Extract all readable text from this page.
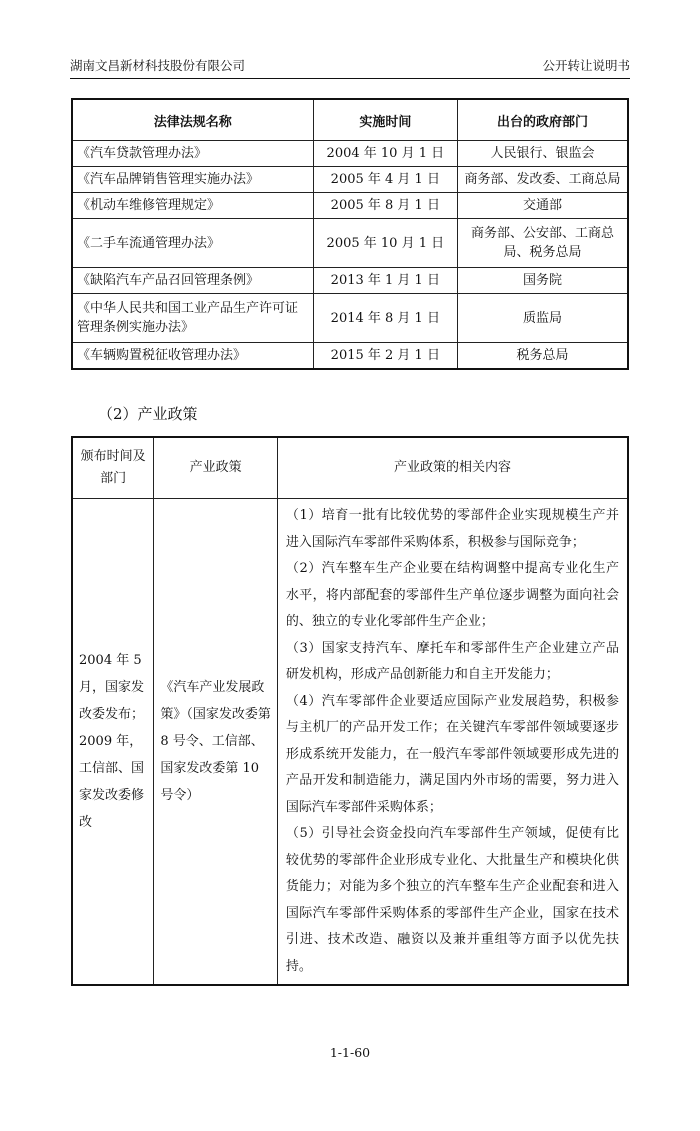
湖南文昌新材科技股份有限公司	公开转让说明书
法律法规名称	实施时间	出台的政府部门
《汽车贷款管理办法》	2004 年 10 月 1 日	人民银行、银监会
《汽车品牌销售管理实施办法》	2005 年 4 月 1 日	商务部、发改委、工商总局
《机动车维修管理规定》	2005 年 8 月 1 日	交通部
《二手车流通管理办法》	2005 年 10 月 1 日	商务部、公安部、工商总局、税务总局
《缺陷汽车产品召回管理条例》	2013 年 1 月 1 日	国务院
《中华人民共和国工业产品生产许可证管理条例实施办法》	2014 年 8 月 1 日	质监局
《车辆购置税征收管理办法》	2015 年 2 月 1 日	税务总局
（2）产业政策
颁布时间及部门	产业政策	产业政策的相关内容
2004 年 5 月，国家发改委发布；2009 年，工信部、国家发改委修改	《汽车产业发展政策》（国家发改委第 8 号令、工信部、国家发改委第 10 号令）	（1）培育一批有比较优势的零部件企业实现规模生产并进入国际汽车零部件采购体系，积极参与国际竞争；

（2）汽车整车生产企业要在结构调整中提高专业化生产水平，将内部配套的零部件生产单位逐步调整为面向社会的、独立的专业化零部件生产企业；

（3）国家支持汽车、摩托车和零部件生产企业建立产品研发机构，形成产品创新能力和自主开发能力；

（4）汽车零部件企业要适应国际产业发展趋势，积极参与主机厂的产品开发工作；在关键汽车零部件领域要逐步形成系统开发能力，在一般汽车零部件领域要形成先进的产品开发和制造能力，满足国内外市场的需要，努力进入国际汽车零部件采购体系；

（5）引导社会资金投向汽车零部件生产领域，促使有比较优势的零部件企业形成专业化、大批量生产和模块化供货能力；对能为多个独立的汽车整车生产企业配套和进入国际汽车零部件采购体系的零部件生产企业，国家在技术引进、技术改造、融资以及兼并重组等方面予以优先扶持。

1-1-60
